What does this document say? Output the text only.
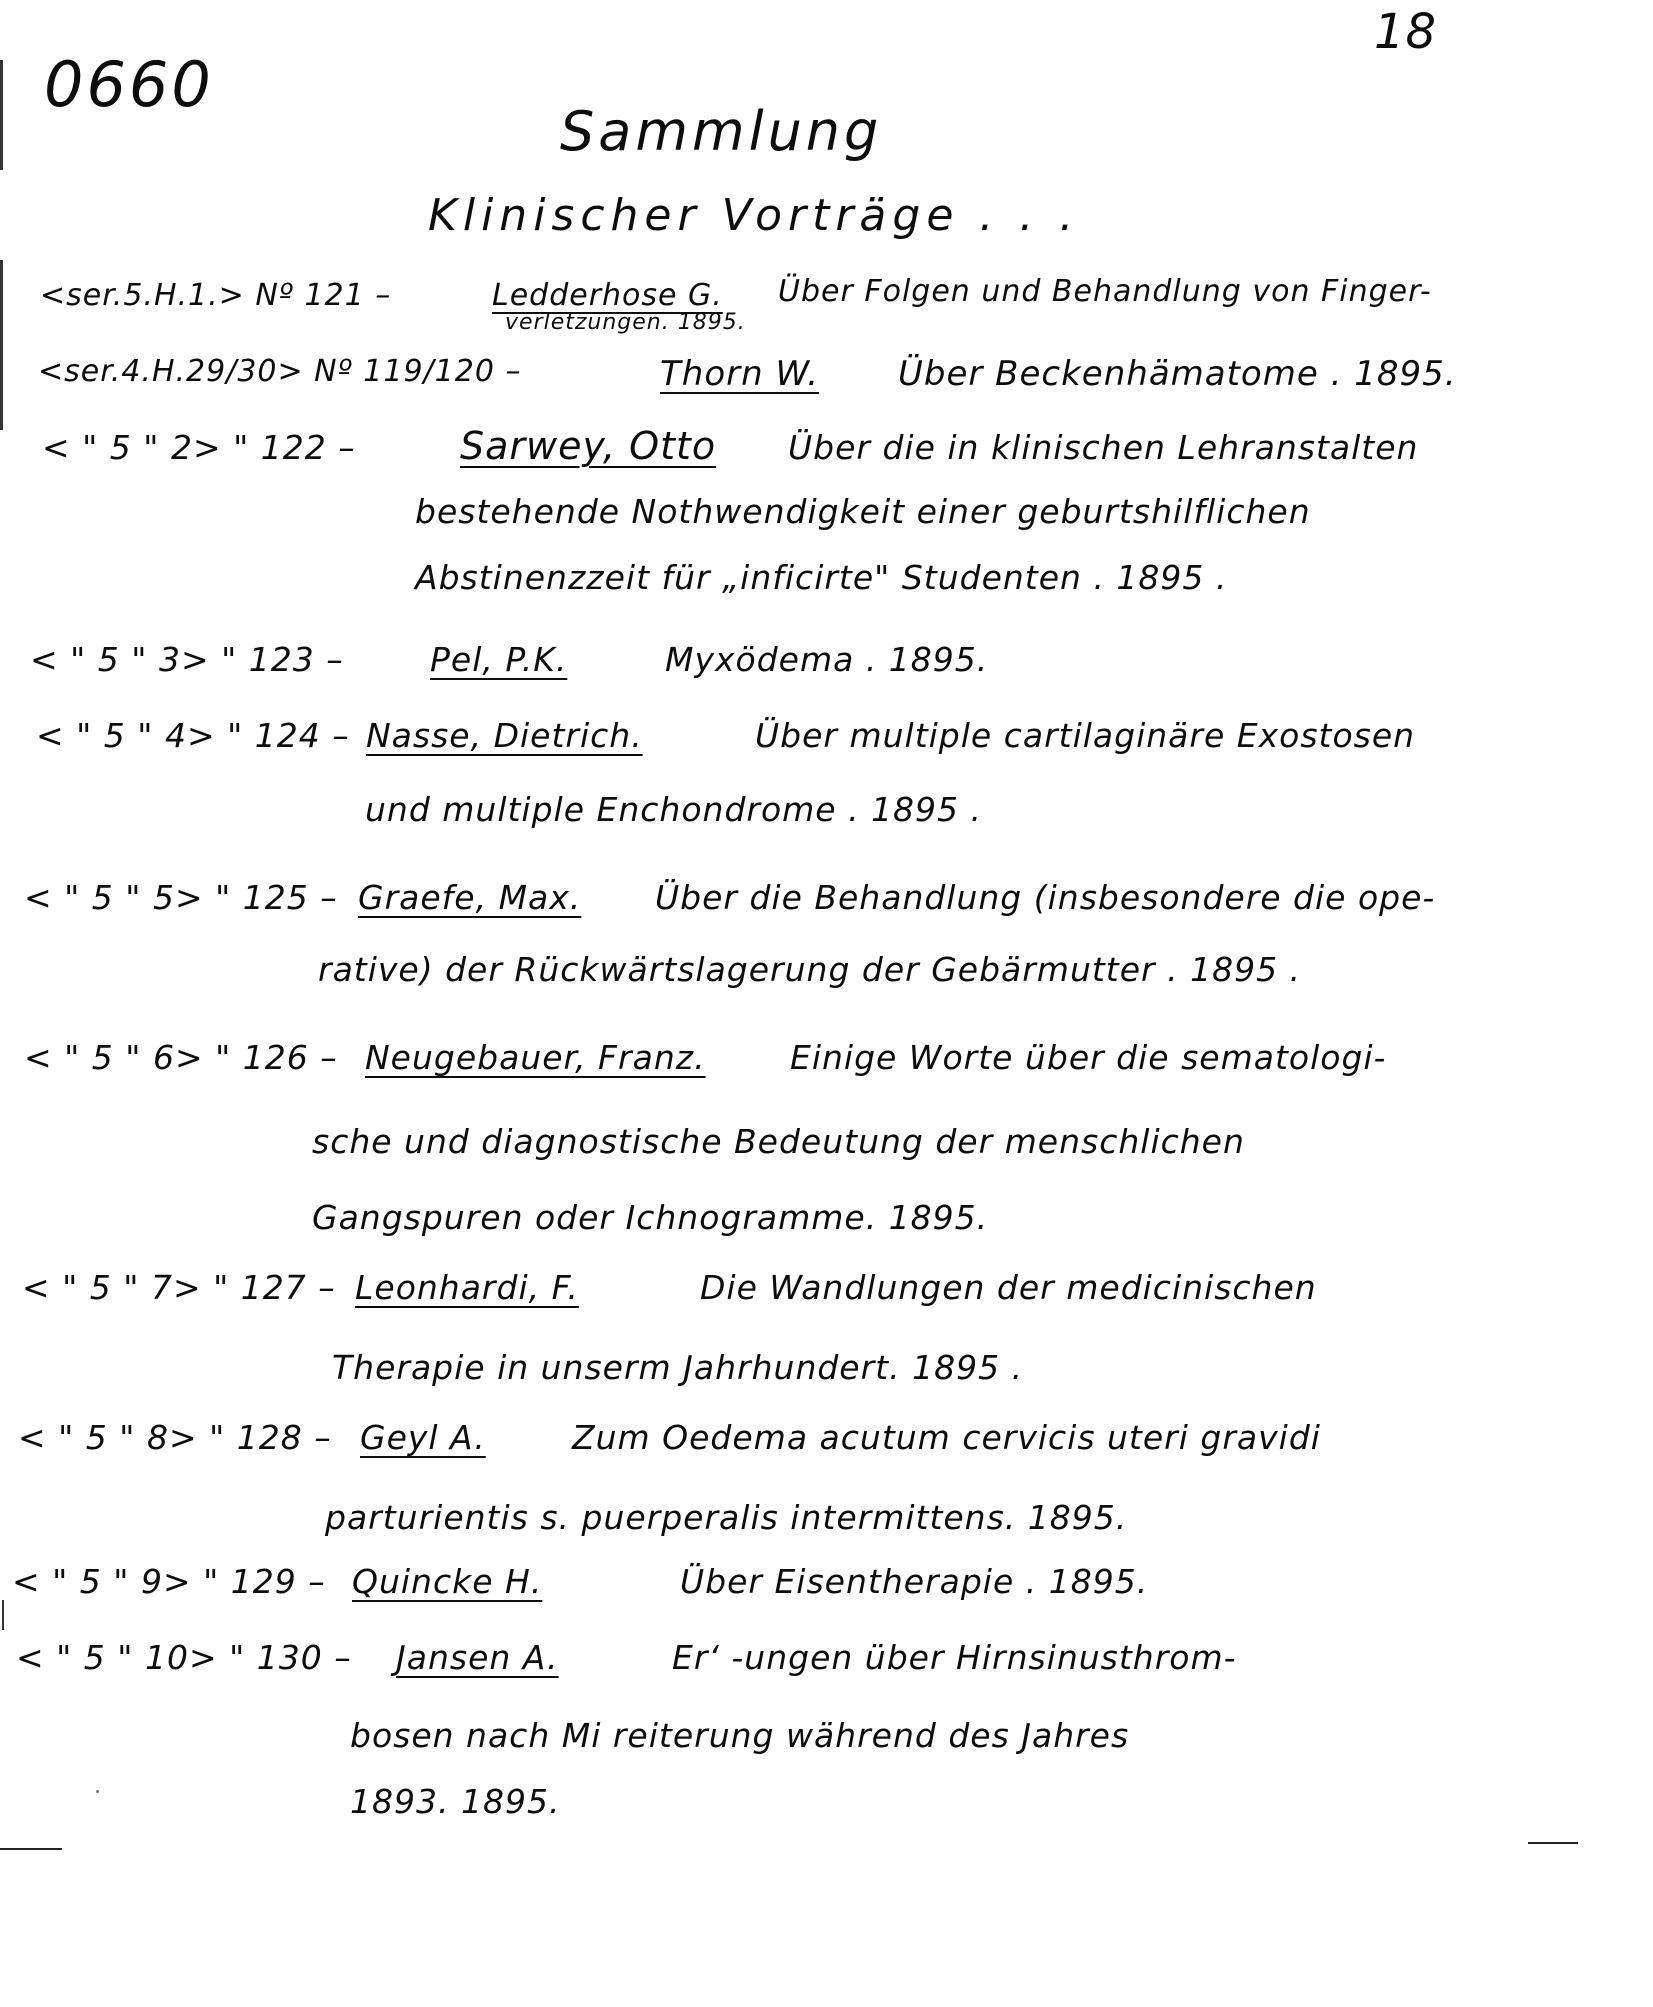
0660
18
Sammlung
Klinischer Vorträge . . .
<ser.5.H.1.> Nº 121 –	Ledderhose G. Über Folgen und Behandlung von Finger-
verletzungen. 1895.
<ser.4.H.29/30> Nº 119/120 –	Thorn W. Über Beckenhämatome . 1895.
< " 5 " 2> " 122 –	Sarwey, Otto Über die in klinischen Lehranstalten
bestehende Nothwendigkeit einer geburtshilflichen
Abstinenzzeit für „inficirte" Studenten . 1895 .
< " 5 " 3> " 123 –	Pel, P.K.	Myxödema . 1895.
< " 5 " 4> " 124 – Nasse, Dietrich.	Über multiple cartilaginäre Exostosen
und multiple Enchondrome . 1895 .
< " 5 " 5> " 125 – Graefe, Max. Über die Behandlung (insbesondere die ope-
rative) der Rückwärtslagerung der Gebärmutter . 1895 .
< " 5 " 6> " 126 – Neugebauer, Franz.	Einige Worte über die sematologi-
sche und diagnostische Bedeutung der menschlichen
Gangspuren oder Ichnogramme. 1895.
< " 5 " 7> " 127 – Leonhardi, F.	Die Wandlungen der medicinischen
Therapie in unserm Jahrhundert. 1895 .
< " 5 " 8> " 128 – Geyl A.	Zum Oedema acutum cervicis uteri gravidi
parturientis s. puerperalis intermittens. 1895.
< " 5 " 9> " 129 – Quincke H.	Über Eisentherapie . 1895.
< " 5 " 10> " 130 – Jansen A.	Er‘ ‑ungen über Hirnsinusthrom-
bosen nach Mi reiterung während des Jahres
1893. 1895.
